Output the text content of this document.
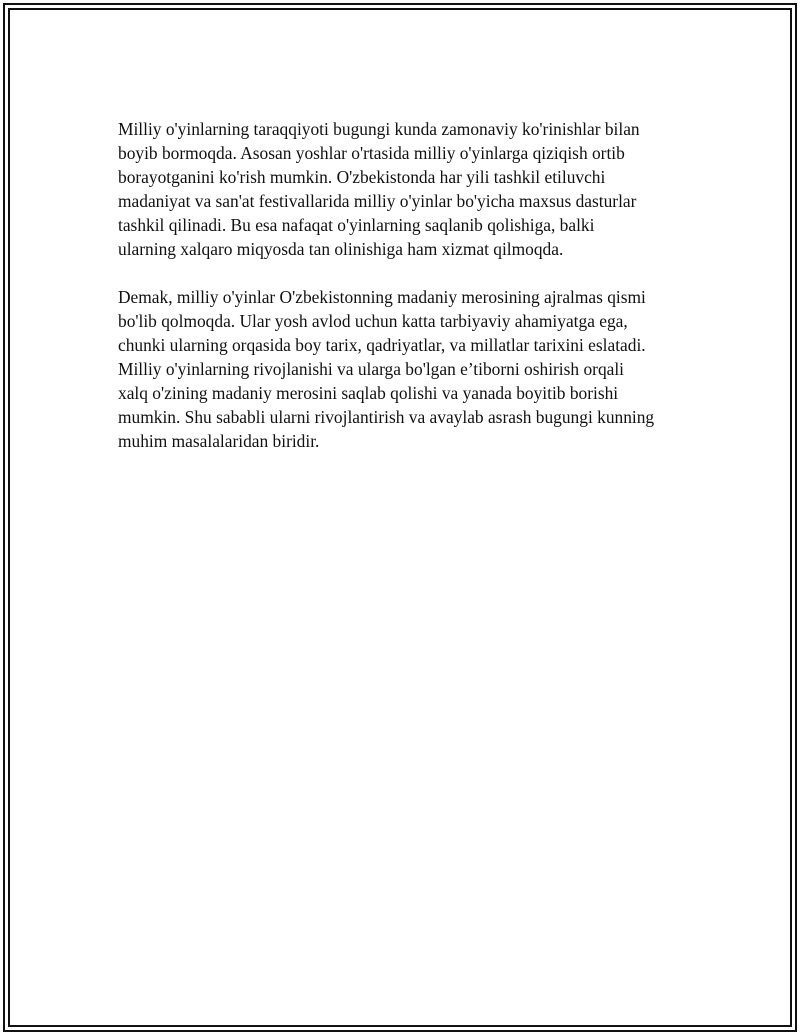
Milliy o'yinlarning taraqqiyoti bugungi kunda zamonaviy ko'rinishlar bilan
boyib bormoqda. Asosan yoshlar o'rtasida milliy o'yinlarga qiziqish ortib
borayotganini ko'rish mumkin. O'zbekistonda har yili tashkil etiluvchi
madaniyat va san'at festivallarida milliy o'yinlar bo'yicha maxsus dasturlar
tashkil qilinadi. Bu esa nafaqat o'yinlarning saqlanib qolishiga, balki
ularning xalqaro miqyosda tan olinishiga ham xizmat qilmoqda.

Demak, milliy o'yinlar O'zbekistonning madaniy merosining ajralmas qismi
bo'lib qolmoqda. Ular yosh avlod uchun katta tarbiyaviy ahamiyatga ega,
chunki ularning orqasida boy tarix, qadriyatlar, va millatlar tarixini eslatadi.
Milliy o'yinlarning rivojlanishi va ularga bo'lgan e’tiborni oshirish orqali
xalq o'zining madaniy merosini saqlab qolishi va yanada boyitib borishi
mumkin. Shu sababli ularni rivojlantirish va avaylab asrash bugungi kunning
muhim masalalaridan biridir.
